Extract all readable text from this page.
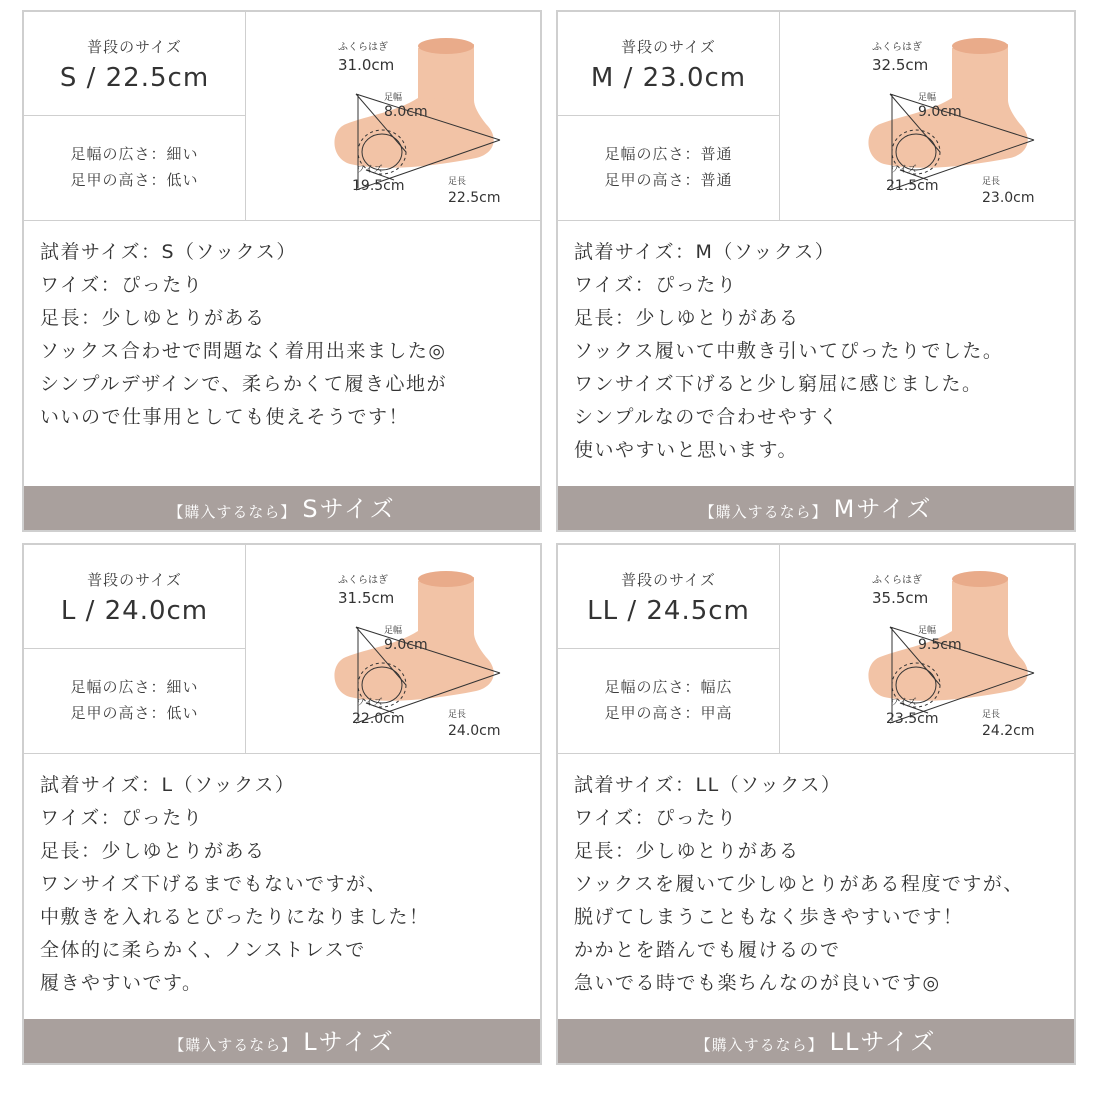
普段のサイズ
S / 22.5cm
足幅の広さ：細い
足甲の高さ：低い
ふくらはぎ
31.0cm
足幅
8.0cm
ワイズ
19.5cm	足長
22.5cm
試着サイズ：S（ソックス）
ワイズ：ぴったり
足長：少しゆとりがある
ソックス合わせで問題なく着用出来ました◎
シンプルデザインで、柔らかくて履き心地が
いいので仕事用としても使えそうです！
【購入するなら】 Sサイズ
普段のサイズ
M / 23.0cm
足幅の広さ：普通
足甲の高さ：普通
ふくらはぎ
32.5cm
足幅
9.0cm
ワイズ
21.5cm	足長
23.0cm
試着サイズ：M（ソックス）
ワイズ：ぴったり
足長：少しゆとりがある
ソックス履いて中敷き引いてぴったりでした。
ワンサイズ下げると少し窮屈に感じました。
シンプルなので合わせやすく
使いやすいと思います。
【購入するなら】 Mサイズ
普段のサイズ
L / 24.0cm
足幅の広さ：細い
足甲の高さ：低い
ふくらはぎ
31.5cm
足幅
9.0cm
ワイズ
22.0cm	足長
24.0cm
試着サイズ：L（ソックス）
ワイズ：ぴったり
足長：少しゆとりがある
ワンサイズ下げるまでもないですが、
中敷きを入れるとぴったりになりました！
全体的に柔らかく、ノンストレスで
履きやすいです。
【購入するなら】 Lサイズ
普段のサイズ
LL / 24.5cm
足幅の広さ：幅広
足甲の高さ：甲高
ふくらはぎ
35.5cm
足幅
9.5cm
ワイズ
23.5cm	足長
24.2cm
試着サイズ：LL（ソックス）
ワイズ：ぴったり
足長：少しゆとりがある
ソックスを履いて少しゆとりがある程度ですが、
脱げてしまうこともなく歩きやすいです！
かかとを踏んでも履けるので
急いでる時でも楽ちんなのが良いです◎
【購入するなら】 LLサイズ
